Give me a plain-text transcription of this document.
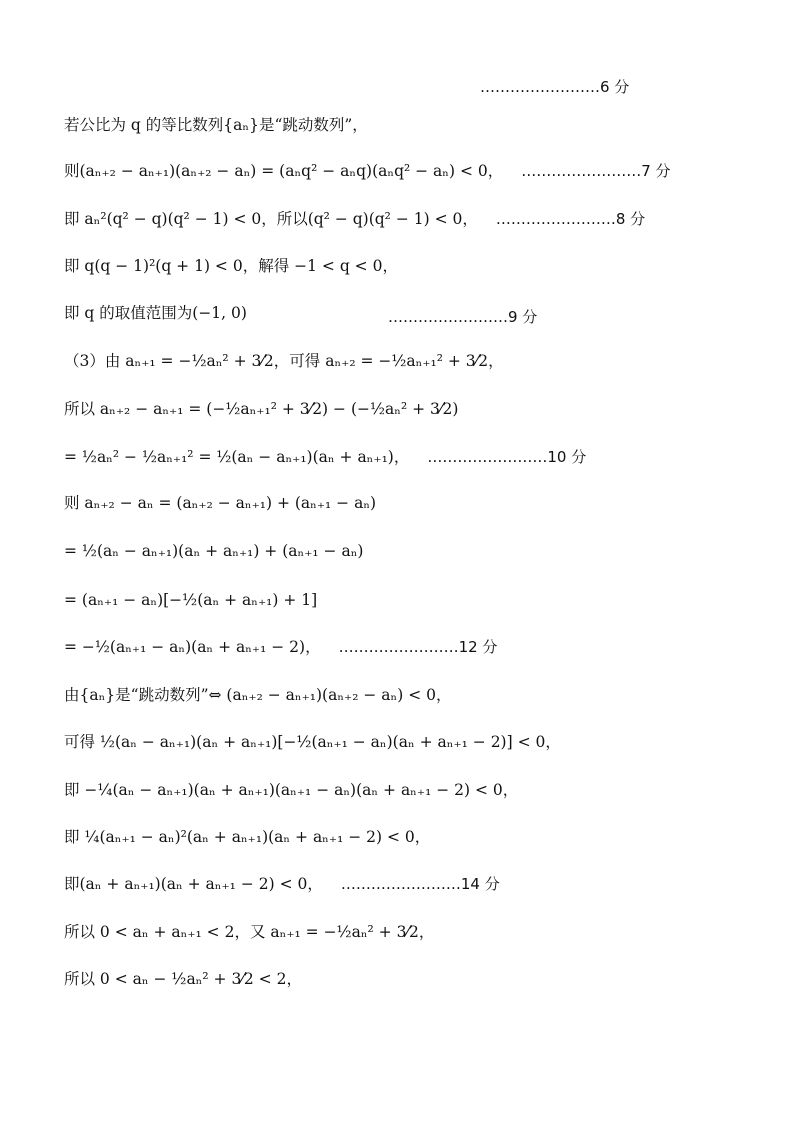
……………………6 分
若公比为 q 的等比数列{aₙ}是“跳动数列”，
则(aₙ₊₂ − aₙ₊₁)(aₙ₊₂ − aₙ) = (aₙq² − aₙq)(aₙq² − aₙ) < 0， ……………………7 分
即 aₙ²(q² − q)(q² − 1) < 0，所以(q² − q)(q² − 1) < 0， ……………………8 分
即 q(q − 1)²(q + 1) < 0，解得 −1 < q < 0，
即 q 的取值范围为(−1, 0)	……………………9 分
（3）由 aₙ₊₁ = −½aₙ² + 3⁄2，可得 aₙ₊₂ = −½aₙ₊₁² + 3⁄2，
所以 aₙ₊₂ − aₙ₊₁ = (−½aₙ₊₁² + 3⁄2) − (−½aₙ² + 3⁄2)
= ½aₙ² − ½aₙ₊₁² = ½(aₙ − aₙ₊₁)(aₙ + aₙ₊₁)， ……………………10 分
则 aₙ₊₂ − aₙ = (aₙ₊₂ − aₙ₊₁) + (aₙ₊₁ − aₙ)
= ½(aₙ − aₙ₊₁)(aₙ + aₙ₊₁) + (aₙ₊₁ − aₙ)
= (aₙ₊₁ − aₙ)[−½(aₙ + aₙ₊₁) + 1]
= −½(aₙ₊₁ − aₙ)(aₙ + aₙ₊₁ − 2)， ……………………12 分
由{aₙ}是“跳动数列”⇔ (aₙ₊₂ − aₙ₊₁)(aₙ₊₂ − aₙ) < 0，
可得 ½(aₙ − aₙ₊₁)(aₙ + aₙ₊₁)[−½(aₙ₊₁ − aₙ)(aₙ + aₙ₊₁ − 2)] < 0，
即 −¼(aₙ − aₙ₊₁)(aₙ + aₙ₊₁)(aₙ₊₁ − aₙ)(aₙ + aₙ₊₁ − 2) < 0，
即 ¼(aₙ₊₁ − aₙ)²(aₙ + aₙ₊₁)(aₙ + aₙ₊₁ − 2) < 0，
即(aₙ + aₙ₊₁)(aₙ + aₙ₊₁ − 2) < 0， ……………………14 分
所以 0 < aₙ + aₙ₊₁ < 2，又 aₙ₊₁ = −½aₙ² + 3⁄2，
所以 0 < aₙ − ½aₙ² + 3⁄2 < 2，
